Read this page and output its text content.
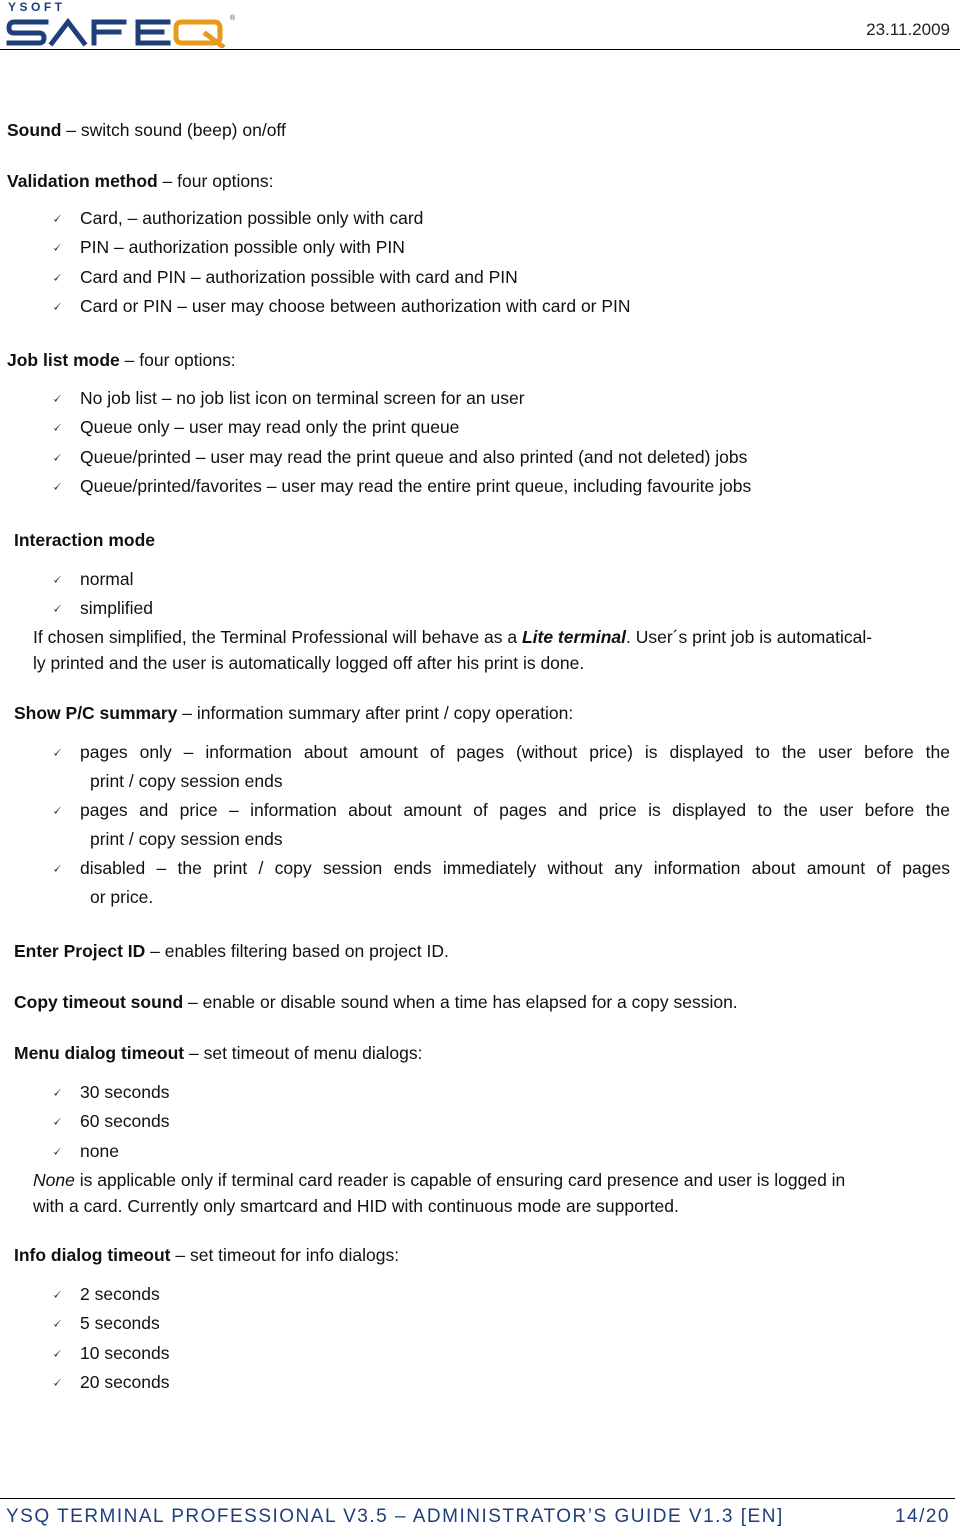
YSOFT
®
23.11.2009
Sound – switch sound (beep) on/off
Validation method – four options:
🗸 Card, – authorization possible only with card
🗸 PIN – authorization possible only with PIN
🗸 Card and PIN – authorization possible with card and PIN
🗸 Card or PIN – user may choose between authorization with card or PIN
Job list mode – four options:
🗸 No job list – no job list icon on terminal screen for an user
🗸 Queue only – user may read only the print queue
🗸 Queue/printed – user may read the print queue and also printed (and not deleted) jobs
🗸 Queue/printed/favorites – user may read the entire print queue, including favourite jobs
Interaction mode
🗸 normal
🗸 simplified
If chosen simplified, the Terminal Professional will behave as a Lite terminal. User´s print job is automatical-
ly printed and the user is automatically logged off after his print is done.
Show P/C summary – information summary after print / copy operation:
🗸 pages only – information about amount of pages (without price) is displayed to the user before the
print / copy session ends
🗸 pages and price – information about amount of pages and price is displayed to the user before the
print / copy session ends
🗸 disabled – the print / copy session ends immediately without any information about amount of pages
or price.
Enter Project ID – enables filtering based on project ID.
Copy timeout sound – enable or disable sound when a time has elapsed for a copy session.
Menu dialog timeout – set timeout of menu dialogs:
🗸 30 seconds
🗸 60 seconds
🗸 none
None is applicable only if terminal card reader is capable of ensuring card presence and user is logged in
with a card. Currently only smartcard and HID with continuous mode are supported.
Info dialog timeout – set timeout for info dialogs:
🗸 2 seconds
🗸 5 seconds
🗸 10 seconds
🗸 20 seconds
YSQ TERMINAL PROFESSIONAL V3.5 – ADMINISTRATOR’S GUIDE V1.3 [EN]	14/20
